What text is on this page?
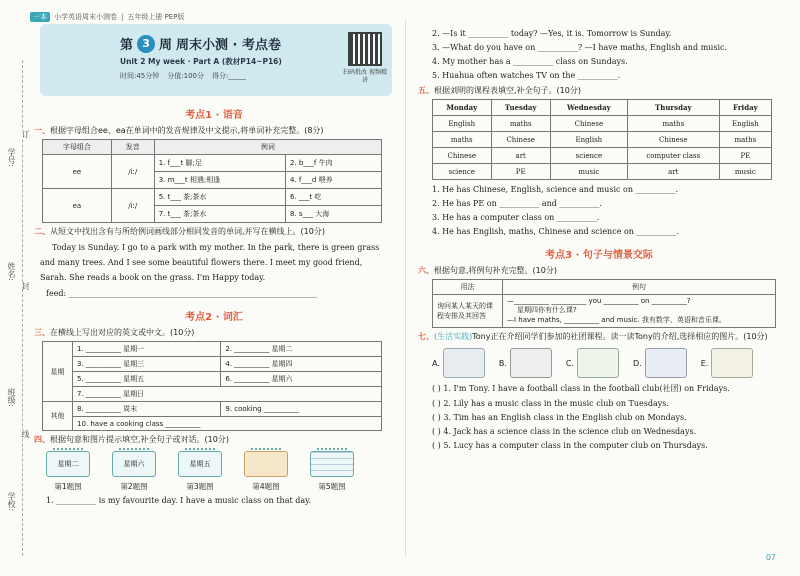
一本	小学英语周末小测卷 | 五年级上册 PEP版
学号:
姓名:
班级:
学校:
订
封
线
第 3 周 周末小测 · 考点卷
Unit 2 My week · Part A (教材P14~P16)
时间:45分钟 分值:100分 得分:_____	扫码批改 视频精讲
考点1 · 语音
一、根据字母组合ee、ea在单词中的发音规律及中文提示,将单词补充完整。(8分)
字母组合	发音	例词	
ee	/iː/	1. f___t 脚;足	2. b___f 牛肉
		3. m___t 相遇;相逢	4. f___d 喂养
ea	/iː/	5. t___ 茶;茶水	6. ___t 吃
		7. t___ 茶;茶水	8. s___ 大海
二、从短文中找出含有与所给例词画线部分相同发音的单词,并写在横线上。(10分)
Today is Sunday. I go to a park with my mother. In the park, there is green grass and many trees. And I see some beautiful flowers there. I meet my good friend, Sarah. She reads a book on the grass. I'm Happy today.
feed: ______________________________________________________________
考点2 · 词汇
三、在横线上写出对应的英文或中文。(10分)
星期	1. __________ 星期一	2. __________ 星期二
	3. __________ 星期三	4. __________ 星期四
	5. __________ 星期五	6. __________ 星期六
	7. __________ 星期日	
其他	8. __________ 周末	9. cooking __________
	10. have a cooking class __________	
四、根据句意和图片提示填空,补全句子或对话。(10分)
星期二
第1题图
星期六
第2题图
星期五
第3题图	第4题图	第5题图
1. __________ is my favourite day. I have a music class on that day.
2. —Is it __________ today? —Yes, it is. Tomorrow is Sunday.
3. —What do you have on __________? —I have maths, English and music.
4. My mother has a __________ class on Sundays.
5. Huahua often watches TV on the __________.
五、根据刘明的课程表填空,补全句子。(10分)
Monday	Tuesday	Wednesday	Thursday	Friday
English	maths	Chinese	maths	English
maths	Chinese	English	Chinese	maths
Chinese	art	science	computer class	PE
science	PE	music	art	music
1. He has Chinese, English, science and music on __________.
2. He has PE on __________ and __________.
3. He has a computer class on __________.
4. He has English, maths, Chinese and science on __________.
考点3 · 句子与情景交际
六、根据句意,将例句补充完整。(10分)
用法	例句
询问某人某天的课程安排及其回答	—__________ __________ you __________ on __________?
星期四你有什么课?
—I have maths, __________ and music. 我有数学、英语和音乐课。
七、(生活实践)Tony正在介绍同学们参加的社团课程。读一读Tony的介绍,选择相应的图片。(10分)
A.	B.	C.	D.	E.
( ) 1. I'm Tony. I have a football class in the football club(社团) on Fridays.
( ) 2. Lily has a music class in the music club on Tuesdays.
( ) 3. Tim has an English class in the English club on Mondays.
( ) 4. Jack has a science class in the science club on Wednesdays.
( ) 5. Lucy has a computer class in the computer club on Thursdays.
07
